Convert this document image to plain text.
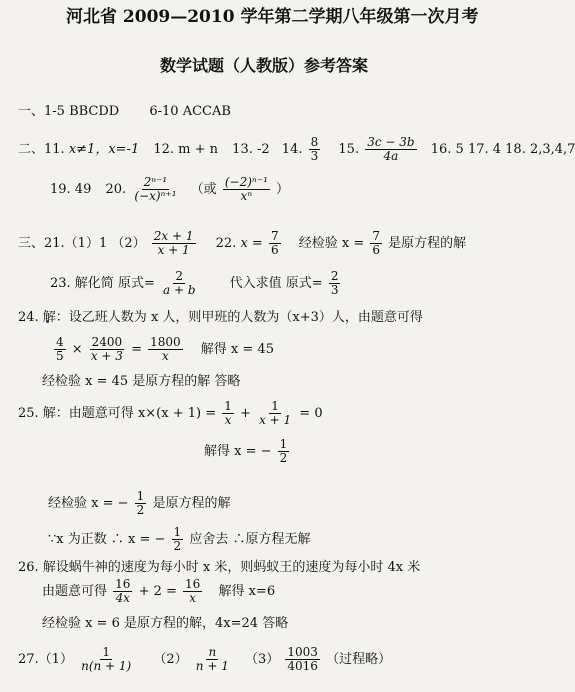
河北省 2009—2010 学年第二学期八年级第一次月考
数学试题（人教版）参考答案
一、1-5 BBCDD 6-10 ACCAB
二、11. x≠1，x=-1 12. m + n 13. -2 14. $\frac{8}{3} 15$. $\frac{3c - 3b}{4a} 16$. 5 17. 4 18. 2,3,4,7
19. 49 20. $\frac{\text{2ⁿ⁻¹}}{\text{(−x)ⁿ⁺¹}}$ （或 $\frac{\text{(−2)ⁿ⁻¹}}{\text{xⁿ}}$ ）
三、21.（1）1 $(2) \frac{2x + 1}{x + 1} 22$. $x = \frac{7}{6}$ 经检验 $x = \frac{7}{6}$ 是原方程的解
23. 解化简 原式= $\frac{2}{a + b}$ 代入求值 原式= $\frac{2}{3}$
24. 解：设乙班人数为 x 人，则甲班的人数为（x+3）人，由题意可得
$\frac{4}{5} \times \frac{2400}{x + 3} = \frac{1800}{x}$ 解得 x = 45
经检验 x = 45 是原方程的解 答略
25. 解：由题意可得 $x\times(x + 1) = \frac{1}{x} + \frac{1}{x + 1} = 0$
解得 x = − $\frac{1}{2}$
经检验 x = − $\frac{1}{2}$ 是原方程的解
∵x 为正数 ∴ x = − $\frac{1}{2}$ 应舍去 ∴原方程无解
26. 解设蜗牛神的速度为每小时 x 米，则蚂蚁王的速度为每小时 4x 米
由题意可得 $\frac{16}{4x} + 2 = \frac{16}{x}$ 解得 x=6
经检验 x = 6 是原方程的解，4x=24 答略
$27.(1) \frac{1}{n(n + 1)} (2) \frac{n}{n + 1} (3) \frac{1003}{4016}$ （过程略）
